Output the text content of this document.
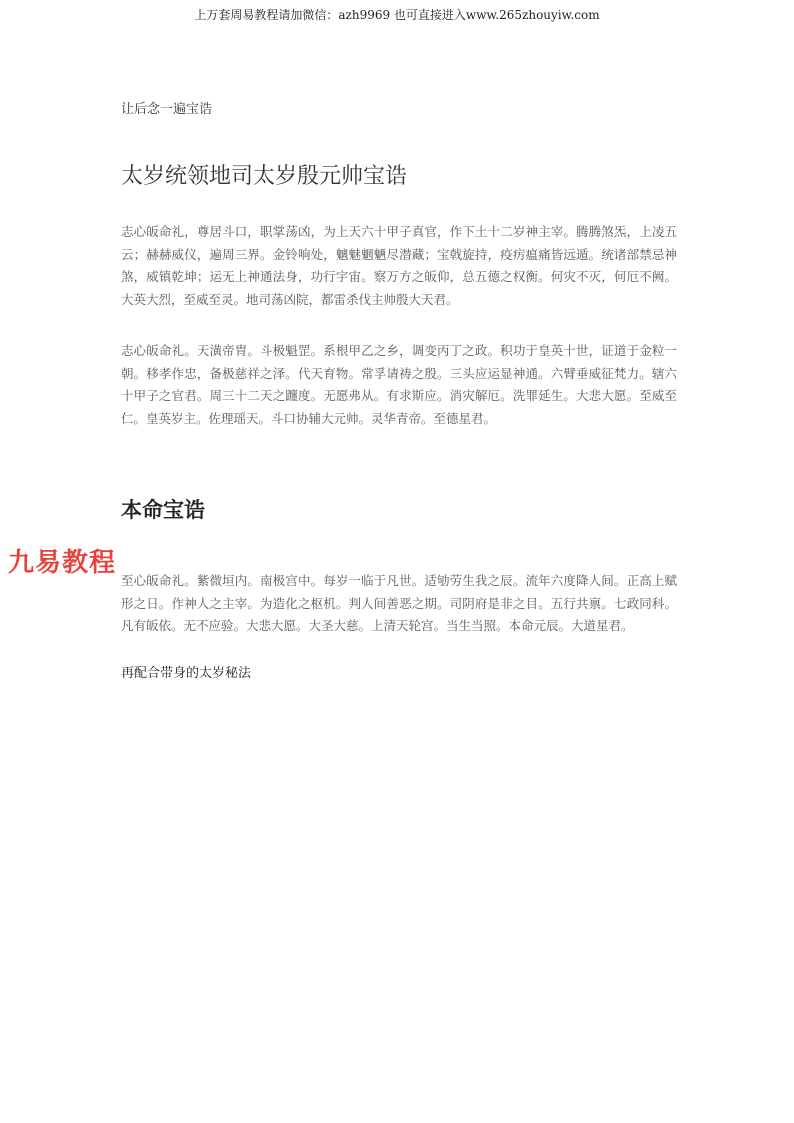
上万套周易教程请加微信：azh9969 也可直接进入www.265zhouyiw.com
让后念一遍宝诰
太岁统领地司太岁殷元帅宝诰

志心皈命礼，尊居斗口，职掌荡凶，为上天六十甲子真官，作下土十二岁神主宰。腾腾煞炁，上凌五云；赫赫威仪，遍周三界。金铃响处，魑魅魍魉尽潜藏；宝戟旋持，疫疠瘟痛皆远遁。统诸部禁忌神煞，威镇乾坤；运无上神通法身，功行宇宙。察万方之皈仰，总五德之权衡。何灾不灭，何厄不阙。大英大烈，至威至灵。地司荡凶院，都雷杀伐主帅殷大天君。

志心皈命礼。天潢帝胄。斗极魁罡。系根甲乙之乡，调变丙丁之政。积功于皇英十世，证道于金粒一朝。移孝作忠，备极慈祥之泽。代天育物。常孚请祷之殷。三头应运显神通。六臂垂威征梵力。辖六十甲子之官君。周三十二天之躔度。无愿弗从。有求斯应。消灾解厄。洗罪延生。大悲大愿。至威至仁。皇英岁主。佐理瑶天。斗口协辅大元帅。灵华青帝。至德星君。

本命宝诰
九易教程

至心皈命礼。紫微垣内。南极宫中。每岁一临于凡世。适劬劳生我之辰。流年六度降人间。正高上赋形之日。作神人之主宰。为造化之枢机。判人间善恶之期。司阴府是非之目。五行共禀。七政同科。凡有皈依。无不应验。大悲大愿。大圣大慈。上清天轮宫。当生当照。本命元辰。大道星君。

再配合带身的太岁秘法
